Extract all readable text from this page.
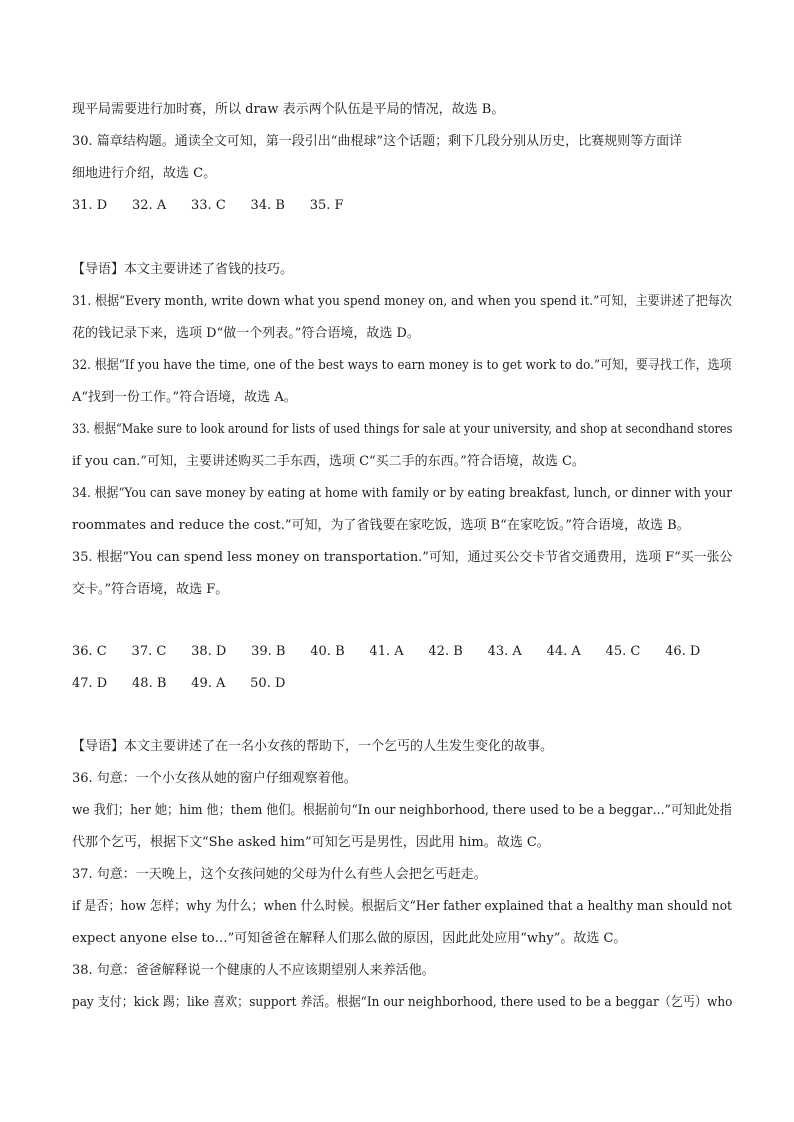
现平局需要进行加时赛，所以 draw 表示两个队伍是平局的情况，故选 B。
30. 篇章结构题。通读全文可知，第一段引出“曲棍球”这个话题；剩下几段分别从历史，比赛规则等方面详
细地进行介绍，故选 C。
31. D      32. A      33. C      34. B      35. F
【导语】本文主要讲述了省钱的技巧。
31. 根据“Every month, write down what you spend money on, and when you spend it.”可知，主要讲述了把每次
花的钱记录下来，选项 D“做一个列表。”符合语境，故选 D。
32. 根据“If you have the time, one of the best ways to earn money is to get work to do.”可知，要寻找工作，选项
A“找到一份工作。”符合语境，故选 A。
33. 根据“Make sure to look around for lists of used things for sale at your university, and shop at secondhand stores
if you can.”可知，主要讲述购买二手东西，选项 C“买二手的东西。”符合语境，故选 C。
34. 根据“You can save money by eating at home with family or by eating breakfast, lunch, or dinner with your
roommates and reduce the cost.”可知，为了省钱要在家吃饭，选项 B“在家吃饭。”符合语境，故选 B。
35. 根据“You can spend less money on transportation.”可知，通过买公交卡节省交通费用，选项 F“买一张公
交卡。”符合语境，故选 F。
36. C      37. C      38. D      39. B      40. B      41. A      42. B      43. A      44. A      45. C      46. D
47. D      48. B      49. A      50. D
【导语】本文主要讲述了在一名小女孩的帮助下，一个乞丐的人生发生变化的故事。
36. 句意：一个小女孩从她的窗户仔细观察着他。
we 我们；her 她；him 他；them 他们。根据前句“In our neighborhood, there used to be a beggar…”可知此处指
代那个乞丐，根据下文“She asked him”可知乞丐是男性，因此用 him。故选 C。
37. 句意：一天晚上，这个女孩问她的父母为什么有些人会把乞丐赶走。
if 是否；how 怎样；why 为什么；when 什么时候。根据后文“Her father explained that a healthy man should not
expect anyone else to…”可知爸爸在解释人们那么做的原因，因此此处应用“why”。故选 C。
38. 句意：爸爸解释说一个健康的人不应该期望别人来养活他。
pay 支付；kick 踢；like 喜欢；support 养活。根据“In our neighborhood, there used to be a beggar（乞丐）who
